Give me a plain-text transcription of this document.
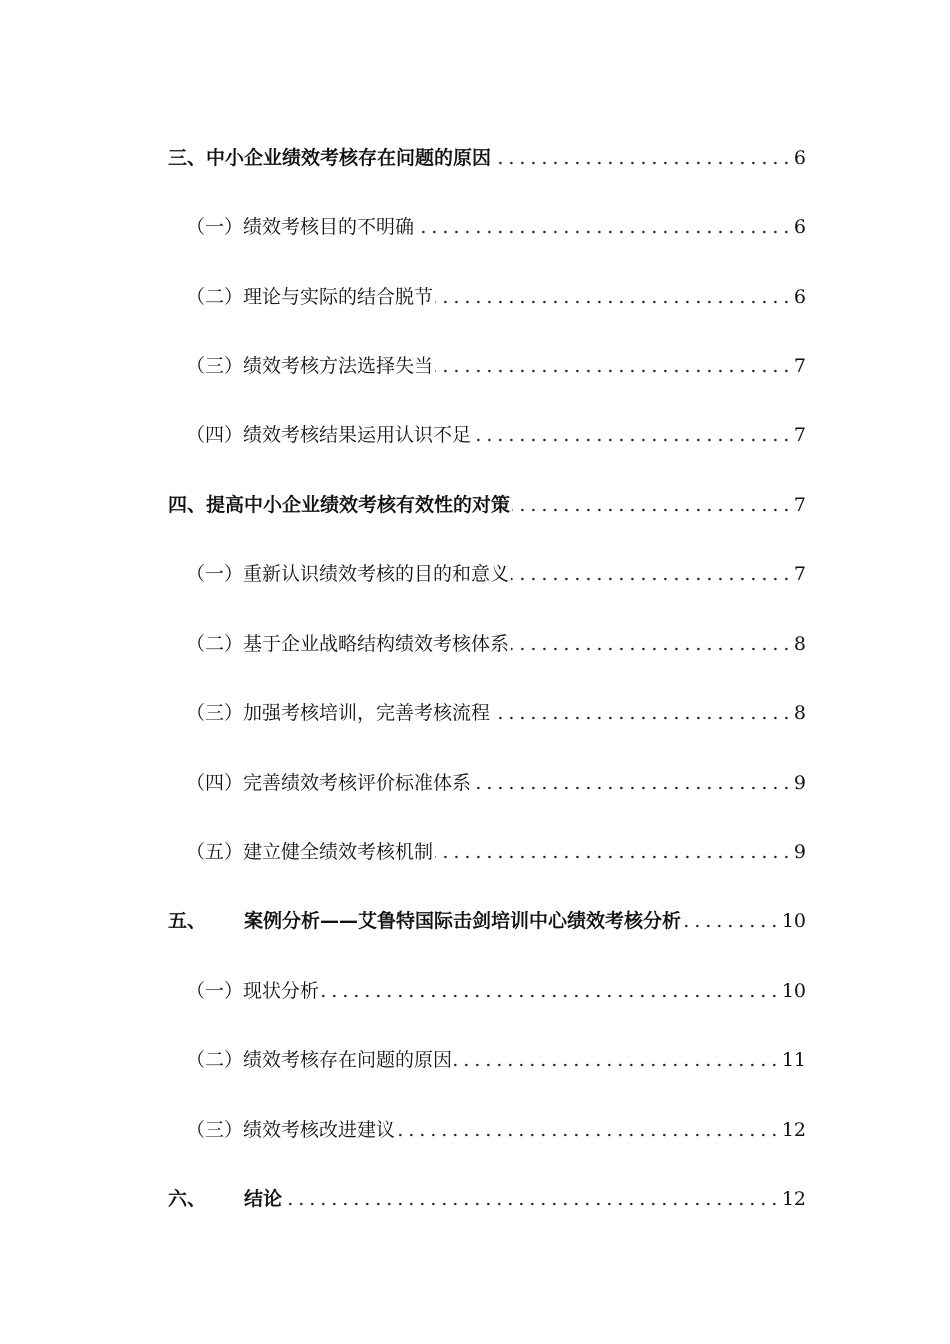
三、中小企业绩效考核存在问题的原因	6
（一）绩效考核目的不明确	6
（二）理论与实际的结合脱节	6
（三）绩效考核方法选择失当	7
（四）绩效考核结果运用认识不足	7
四、提高中小企业绩效考核有效性的对策	7
（一）重新认识绩效考核的目的和意义	7
（二）基于企业战略结构绩效考核体系	8
（三）加强考核培训，完善考核流程	8
（四）完善绩效考核评价标准体系	9
（五）建立健全绩效考核机制	9
五、 案例分析——艾鲁特国际击剑培训中心绩效考核分析	10
（一）现状分析	10
（二）绩效考核存在问题的原因	11
（三）绩效考核改进建议	12
六、 结论	12
